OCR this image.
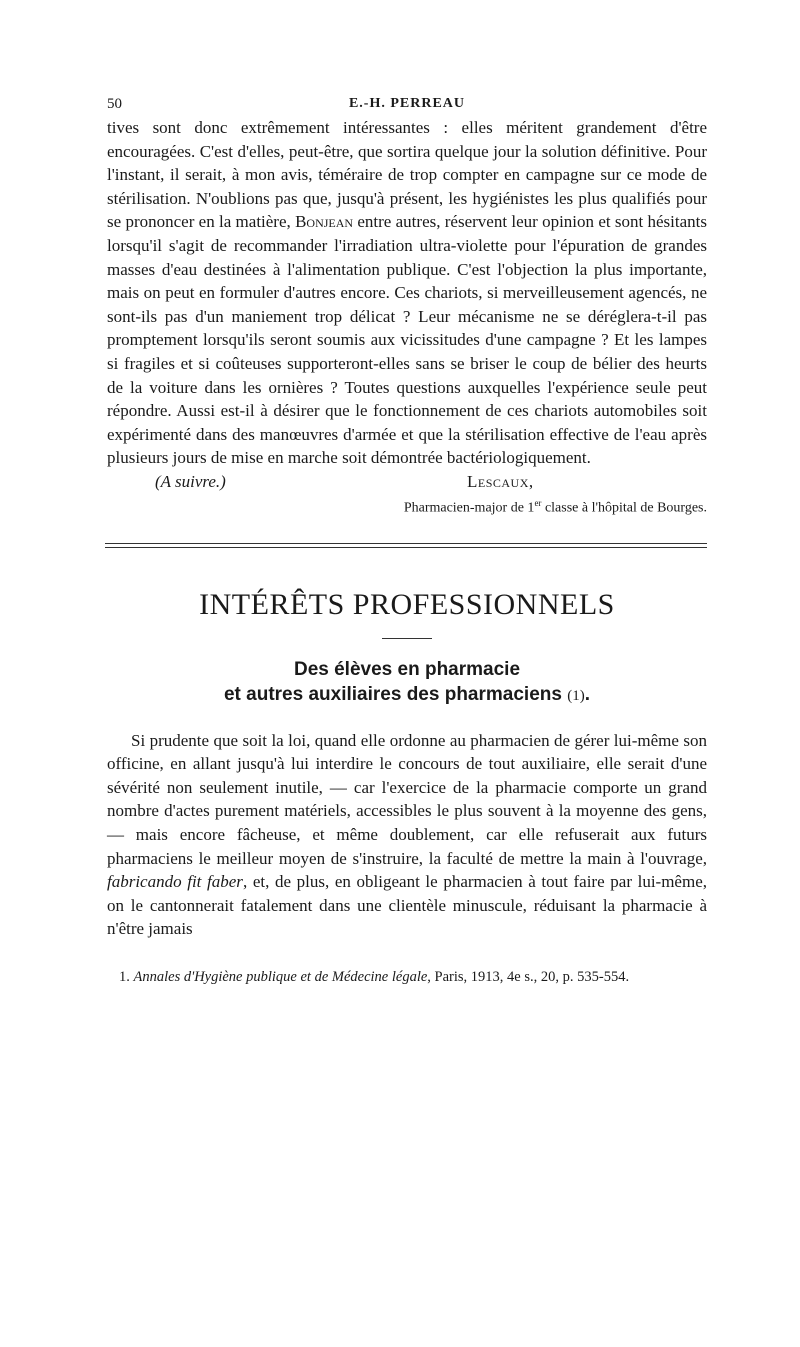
50	E.-H. PERREAU

tives sont donc extrêmement intéressantes : elles méritent grandement d'être encouragées. C'est d'elles, peut-être, que sortira quelque jour la solution définitive. Pour l'instant, il serait, à mon avis, téméraire de trop compter en campagne sur ce mode de stérilisation. N'oublions pas que, jusqu'à présent, les hygiénistes les plus qualifiés pour se prononcer en la matière, Bonjean entre autres, réservent leur opinion et sont hésitants lorsqu'il s'agit de recommander l'irradiation ultra-violette pour l'épuration de grandes masses d'eau destinées à l'alimentation publique. C'est l'objection la plus importante, mais on peut en formuler d'autres encore. Ces chariots, si merveilleusement agencés, ne sont-ils pas d'un maniement trop délicat ? Leur mécanisme ne se déréglera-t-il pas promptement lorsqu'ils seront soumis aux vicissitudes d'une campagne ? Et les lampes si fragiles et si coûteuses supporteront-elles sans se briser le coup de bélier des heurts de la voiture dans les ornières ? Toutes questions auxquelles l'expérience seule peut répondre. Aussi est-il à désirer que le fonctionnement de ces chariots automobiles soit expérimenté dans des manœuvres d'armée et que la stérilisation effective de l'eau après plusieurs jours de mise en marche soit démontrée bactériologiquement.

(A suivre.)	Lescaux,
Pharmacien-major de 1er classe à l'hôpital de Bourges.
INTÉRÊTS PROFESSIONNELS
Des élèves en pharmacie
et autres auxiliaires des pharmaciens (1).

Si prudente que soit la loi, quand elle ordonne au pharmacien de gérer lui-même son officine, en allant jusqu'à lui interdire le concours de tout auxiliaire, elle serait d'une sévérité non seulement inutile, — car l'exercice de la pharmacie comporte un grand nombre d'actes purement matériels, accessibles le plus souvent à la moyenne des gens, — mais encore fâcheuse, et même doublement, car elle refuserait aux futurs pharmaciens le meilleur moyen de s'instruire, la faculté de mettre la main à l'ouvrage, fabricando fit faber, et, de plus, en obligeant le pharmacien à tout faire par lui-même, on le cantonnerait fatalement dans une clientèle minuscule, réduisant la pharmacie à n'être jamais

1. Annales d'Hygiène publique et de Médecine légale, Paris, 1913, 4e s., 20, p. 535-554.
